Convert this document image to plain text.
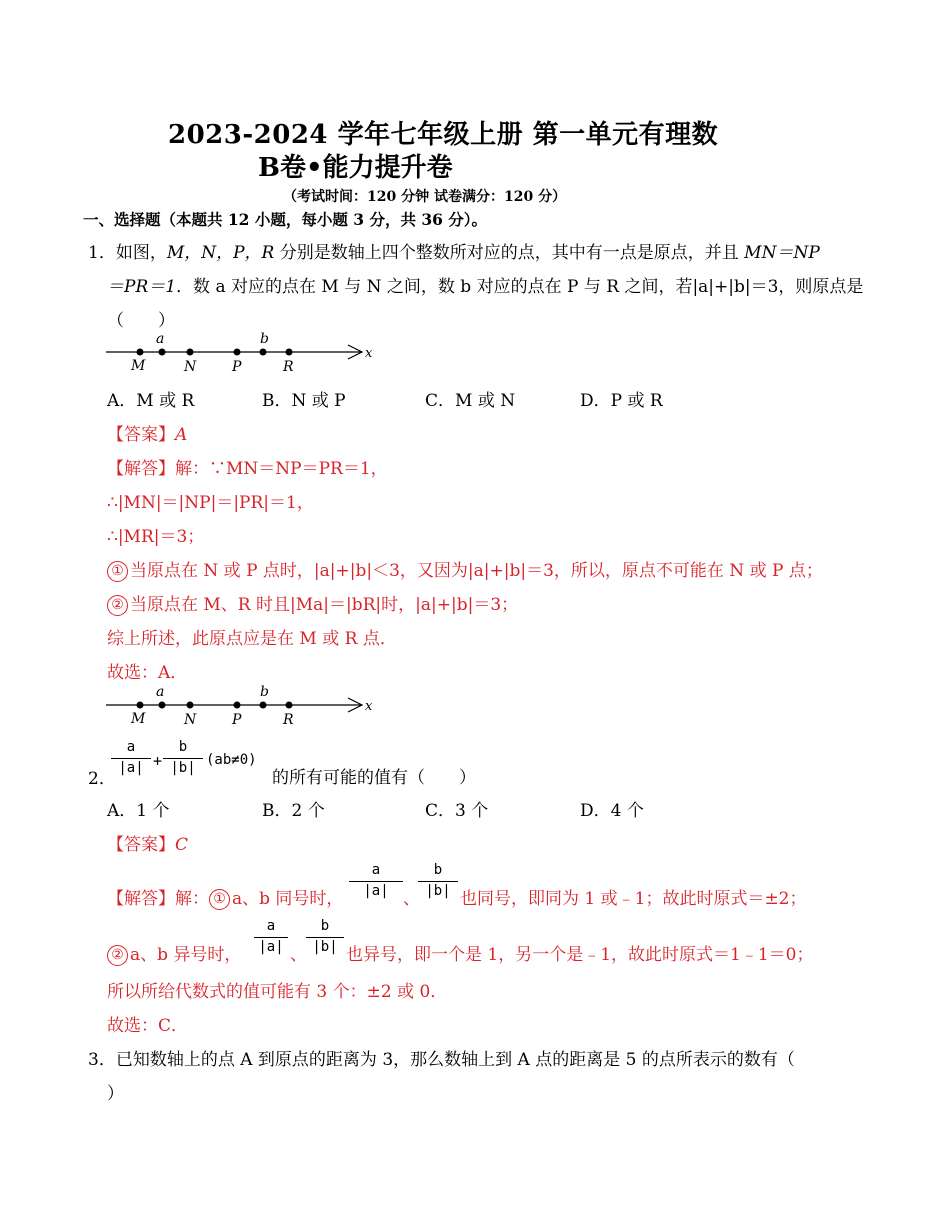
2023-2024 学年七年级上册 第一单元有理数
B卷•能力提升卷
（考试时间：120 分钟 试卷满分：120 分）
一、选择题（本题共 12 小题，每小题 3 分，共 36 分）。
1．如图，M，N，P，R 分别是数轴上四个整数所对应的点，其中有一点是原点，并且 MN＝NP
＝PR＝1．数 a 对应的点在 M 与 N 之间，数 b 对应的点在 P 与 R 之间，若|a|+|b|＝3，则原点是
（　　）
x
a	b
M	N	P	R
A．M 或 R	B．N 或 P	C．M 或 N	D．P 或 R
【答案】A
【解答】解：∵MN＝NP＝PR＝1，
∴|MN|＝|NP|＝|PR|＝1，
∴|MR|＝3；
① 当原点在 N 或 P 点时，|a|+|b|＜3，又因为|a|+|b|＝3，所以，原点不可能在 N 或 P 点；
② 当原点在 M、R 时且|Ma|＝|bR|时，|a|+|b|＝3；
综上所述，此原点应是在 M 或 R 点．
故选：A．
x
a	b
M	N	P	R
2．
a
|a| +
b
|b| (ab≠0)
的所有可能的值有（　　）
A．1 个	B．2 个	C．3 个	D．4 个
【答案】C
【解答】解： ① a、b 同号时，
a
|a| 、
b
|b| 也同号，即同为 1 或﹣1；故此时原式＝±2；
② a、b 异号时，
a
|a| 、
b
|b| 也异号，即一个是 1，另一个是﹣1，故此时原式＝1﹣1＝0；
所以所给代数式的值可能有 3 个：±2 或 0．
故选：C．
3．已知数轴上的点 A 到原点的距离为 3，那么数轴上到 A 点的距离是 5 的点所表示的数有（
）
